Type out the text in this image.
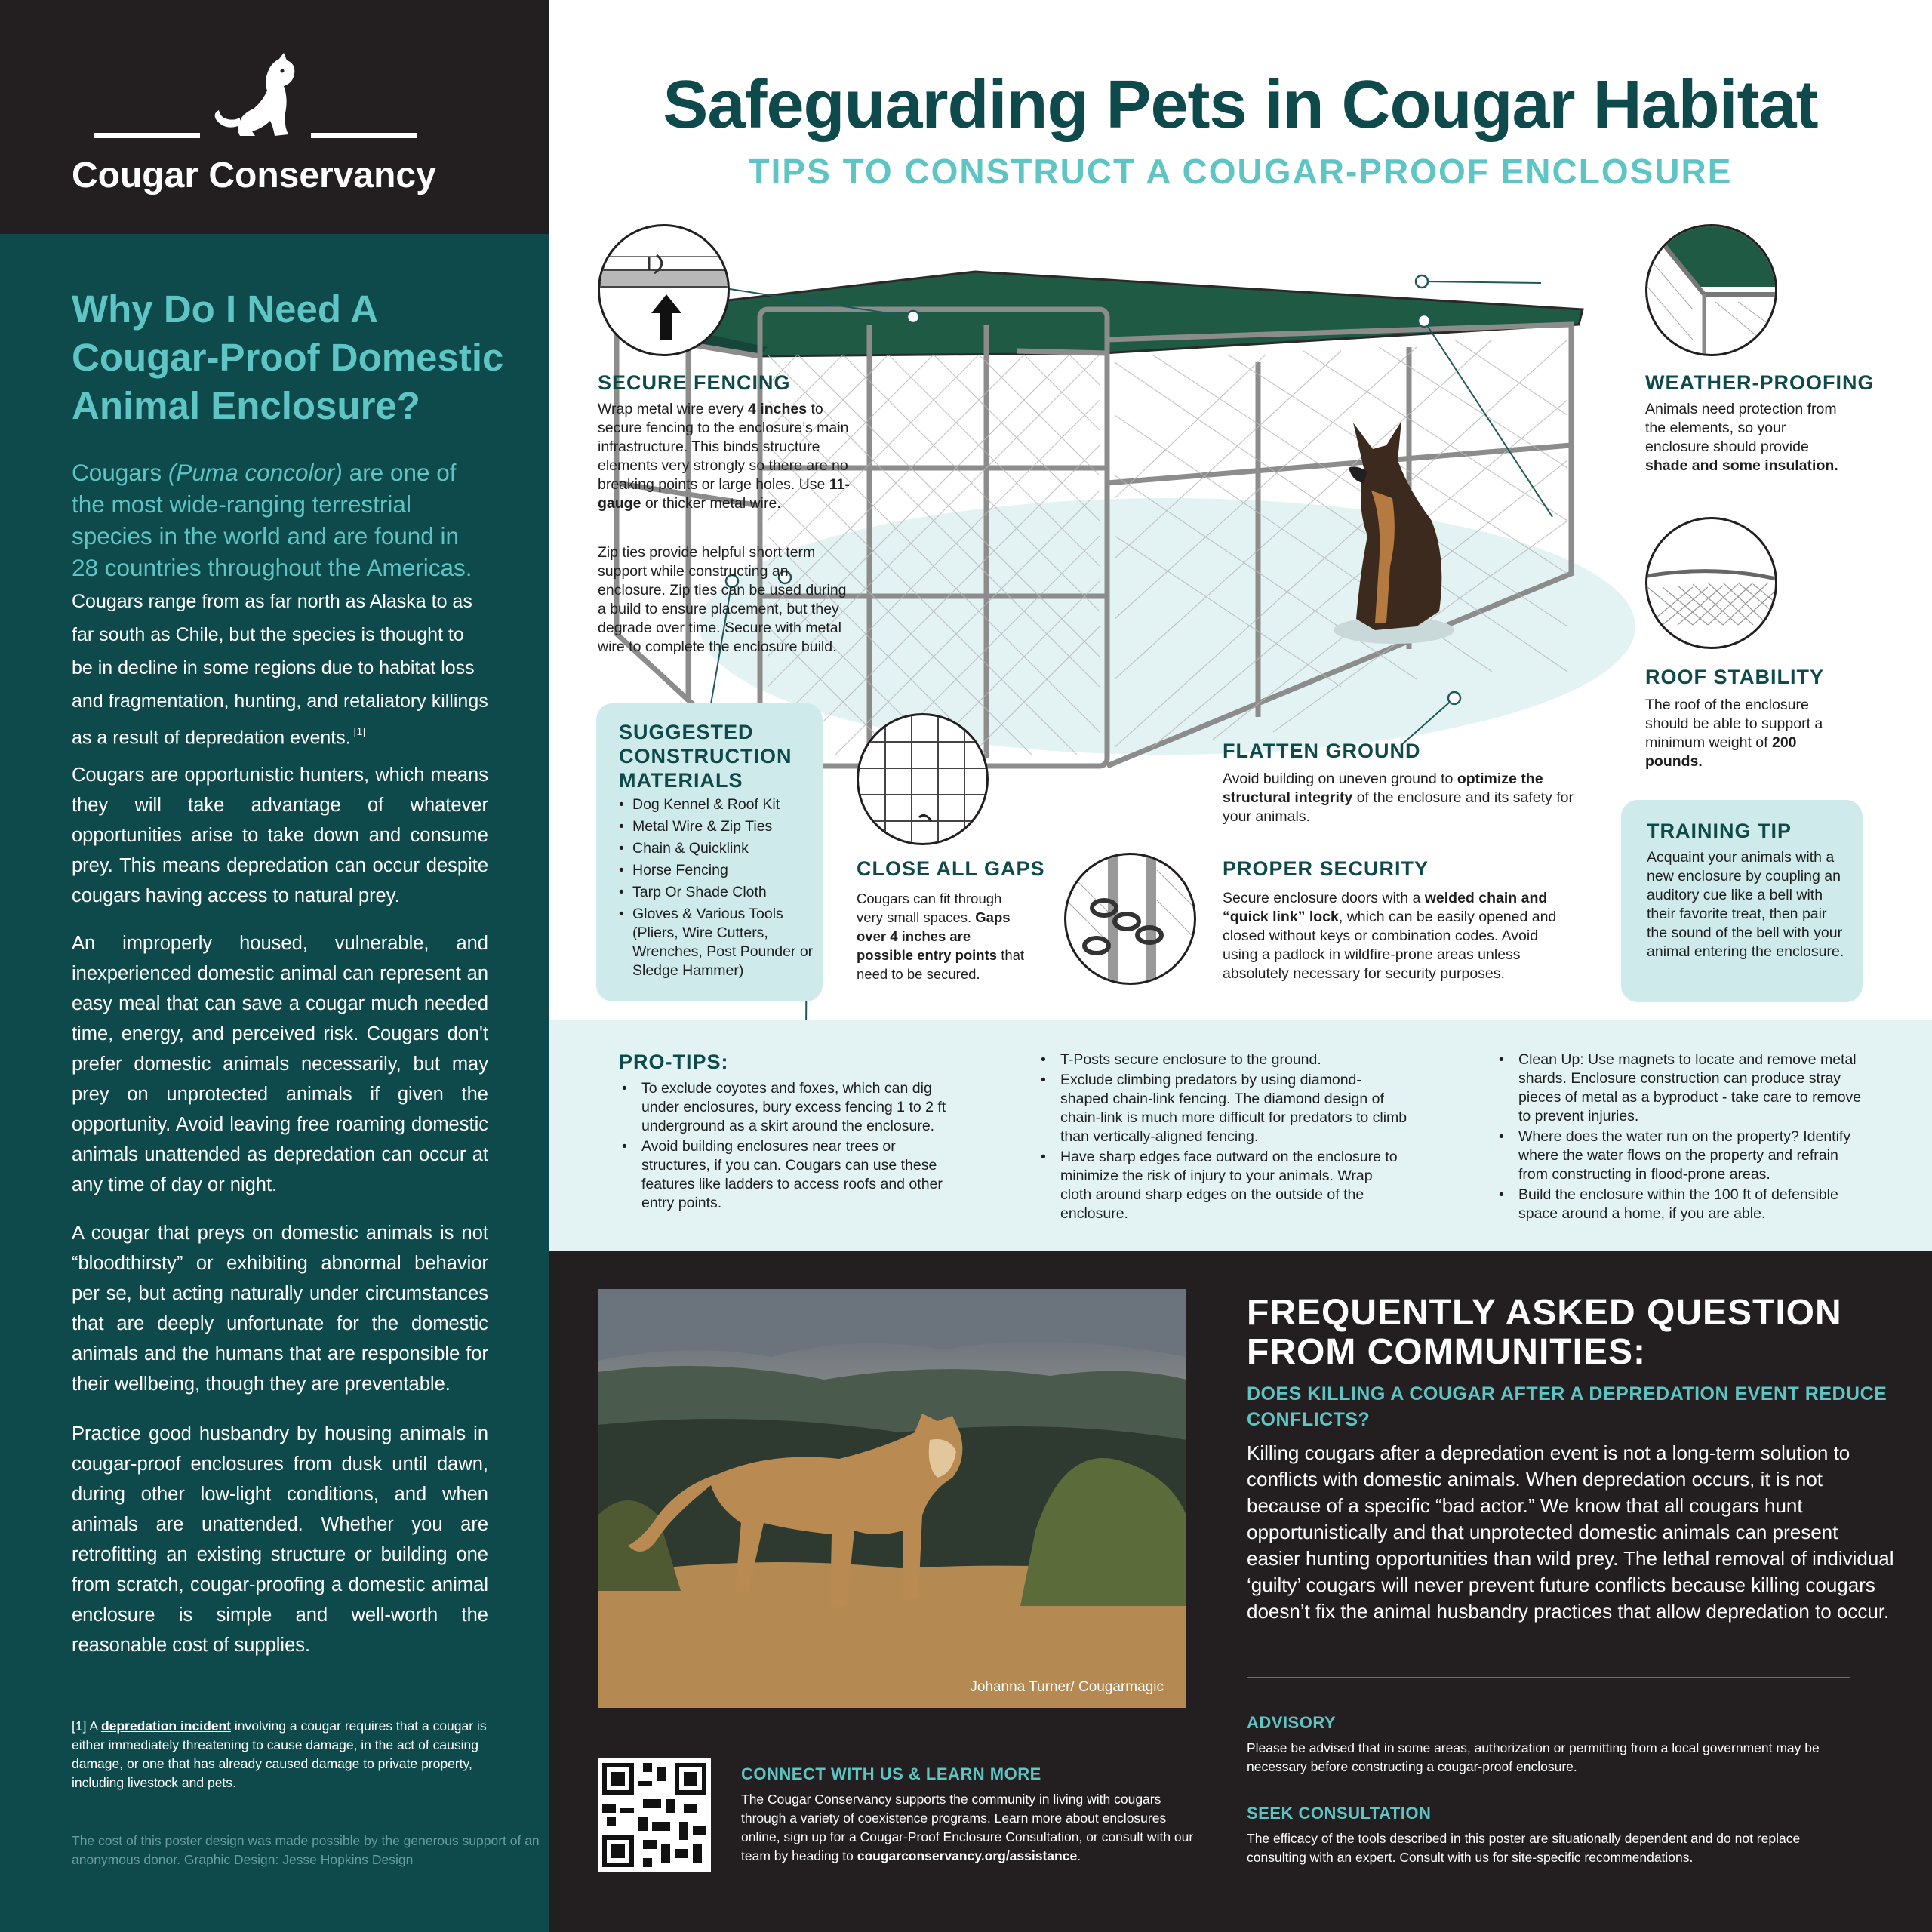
Cougar Conservancy
Why Do I Need A Cougar-Proof Domestic Animal Enclosure?
Cougars (Puma concolor) are one of the most wide-ranging terrestrial species in the world and are found in 28 countries throughout the Americas. Cougars range from as far north as Alaska to as far south as Chile, but the species is thought to be in decline in some regions due to habitat loss and fragmentation, hunting, and retaliatory killings as a result of depredation events. [1]
Cougars are opportunistic hunters, which means they will take advantage of whatever opportunities arise to take down and consume prey. This means depredation can occur despite cougars having access to natural prey.
An improperly housed, vulnerable, and inexperienced domestic animal can represent an easy meal that can save a cougar much needed time, energy, and perceived risk. Cougars don't prefer domestic animals necessarily, but may prey on unprotected animals if given the opportunity. Avoid leaving free roaming domestic animals unattended as depredation can occur at any time of day or night.
A cougar that preys on domestic animals is not “bloodthirsty” or exhibiting abnormal behavior per se, but acting naturally under circumstances that are deeply unfortunate for the domestic animals and the humans that are responsible for their wellbeing, though they are preventable.
Practice good husbandry by housing animals in cougar-proof enclosures from dusk until dawn, during other low-light conditions, and when animals are unattended. Whether you are retrofitting an existing structure or building one from scratch, cougar-proofing a domestic animal enclosure is simple and well-worth the reasonable cost of supplies.
[1] A depredation incident involving a cougar requires that a cougar is either immediately threatening to cause damage, in the act of causing damage, or one that has already caused damage to private property, including livestock and pets.
The cost of this poster design was made possible by the generous support of an anonymous donor. Graphic Design: Jesse Hopkins Design
Safeguarding Pets in Cougar Habitat
TIPS TO CONSTRUCT A COUGAR-PROOF ENCLOSURE
SECURE FENCING
Wrap metal wire every 4 inches to secure fencing to the enclosure’s main infrastructure. This binds structure elements very strongly so there are no breaking points or large holes. Use 11-gauge or thicker metal wire.
Zip ties provide helpful short term support while constructing an enclosure. Zip ties can be used during a build to ensure placement, but they degrade over time. Secure with metal wire to complete the enclosure build.
SUGGESTED CONSTRUCTION MATERIALS
• Dog Kennel & Roof Kit
• Metal Wire & Zip Ties
• Chain & Quicklink
• Horse Fencing
• Tarp Or Shade Cloth
• Gloves & Various Tools (Pliers, Wire Cutters, Wrenches, Post Pounder or Sledge Hammer)
CLOSE ALL GAPS
Cougars can fit through very small spaces. Gaps over 4 inches are possible entry points that need to be secured.
FLATTEN GROUND
Avoid building on uneven ground to optimize the structural integrity of the enclosure and its safety for your animals.
PROPER SECURITY
Secure enclosure doors with a welded chain and “quick link” lock, which can be easily opened and closed without keys or combination codes. Avoid using a padlock in wildfire-prone areas unless absolutely necessary for security purposes.
WEATHER-PROOFING
Animals need protection from the elements, so your enclosure should provide shade and some insulation.
ROOF STABILITY
The roof of the enclosure should be able to support a minimum weight of 200 pounds.
TRAINING TIP
Acquaint your animals with a new enclosure by coupling an auditory cue like a bell with their favorite treat, then pair the sound of the bell with your animal entering the enclosure.
PRO-TIPS:
• To exclude coyotes and foxes, which can dig under enclosures, bury excess fencing 1 to 2 ft underground as a skirt around the enclosure.
• Avoid building enclosures near trees or structures, if you can. Cougars can use these features like ladders to access roofs and other entry points.
• T-Posts secure enclosure to the ground.
• Exclude climbing predators by using diamond-shaped chain-link fencing. The diamond design of chain-link is much more difficult for predators to climb than vertically-aligned fencing.
• Have sharp edges face outward on the enclosure to minimize the risk of injury to your animals. Wrap cloth around sharp edges on the outside of the enclosure.
• Clean Up: Use magnets to locate and remove metal shards. Enclosure construction can produce stray pieces of metal as a byproduct - take care to remove to prevent injuries.
• Where does the water run on the property? Identify where the water flows on the property and refrain from constructing in flood-prone areas.
• Build the enclosure within the 100 ft of defensible space around a home, if you are able.
Johanna Turner/ Cougarmagic
FREQUENTLY ASKED QUESTION FROM COMMUNITIES:
DOES KILLING A COUGAR AFTER A DEPREDATION EVENT REDUCE CONFLICTS?
Killing cougars after a depredation event is not a long-term solution to conflicts with domestic animals. When depredation occurs, it is not because of a specific “bad actor.” We know that all cougars hunt opportunistically and that unprotected domestic animals can present easier hunting opportunities than wild prey. The lethal removal of individual ‘guilty’ cougars will never prevent future conflicts because killing cougars doesn’t fix the animal husbandry practices that allow depredation to occur.
ADVISORY
Please be advised that in some areas, authorization or permitting from a local government may be necessary before constructing a cougar-proof enclosure.
CONNECT WITH US & LEARN MORE
The Cougar Conservancy supports the community in living with cougars through a variety of coexistence programs. Learn more about enclosures online, sign up for a Cougar-Proof Enclosure Consultation, or consult with our team by heading to cougarconservancy.org/assistance.
SEEK CONSULTATION
The efficacy of the tools described in this poster are situationally dependent and do not replace consulting with an expert. Consult with us for site-specific recommendations.
